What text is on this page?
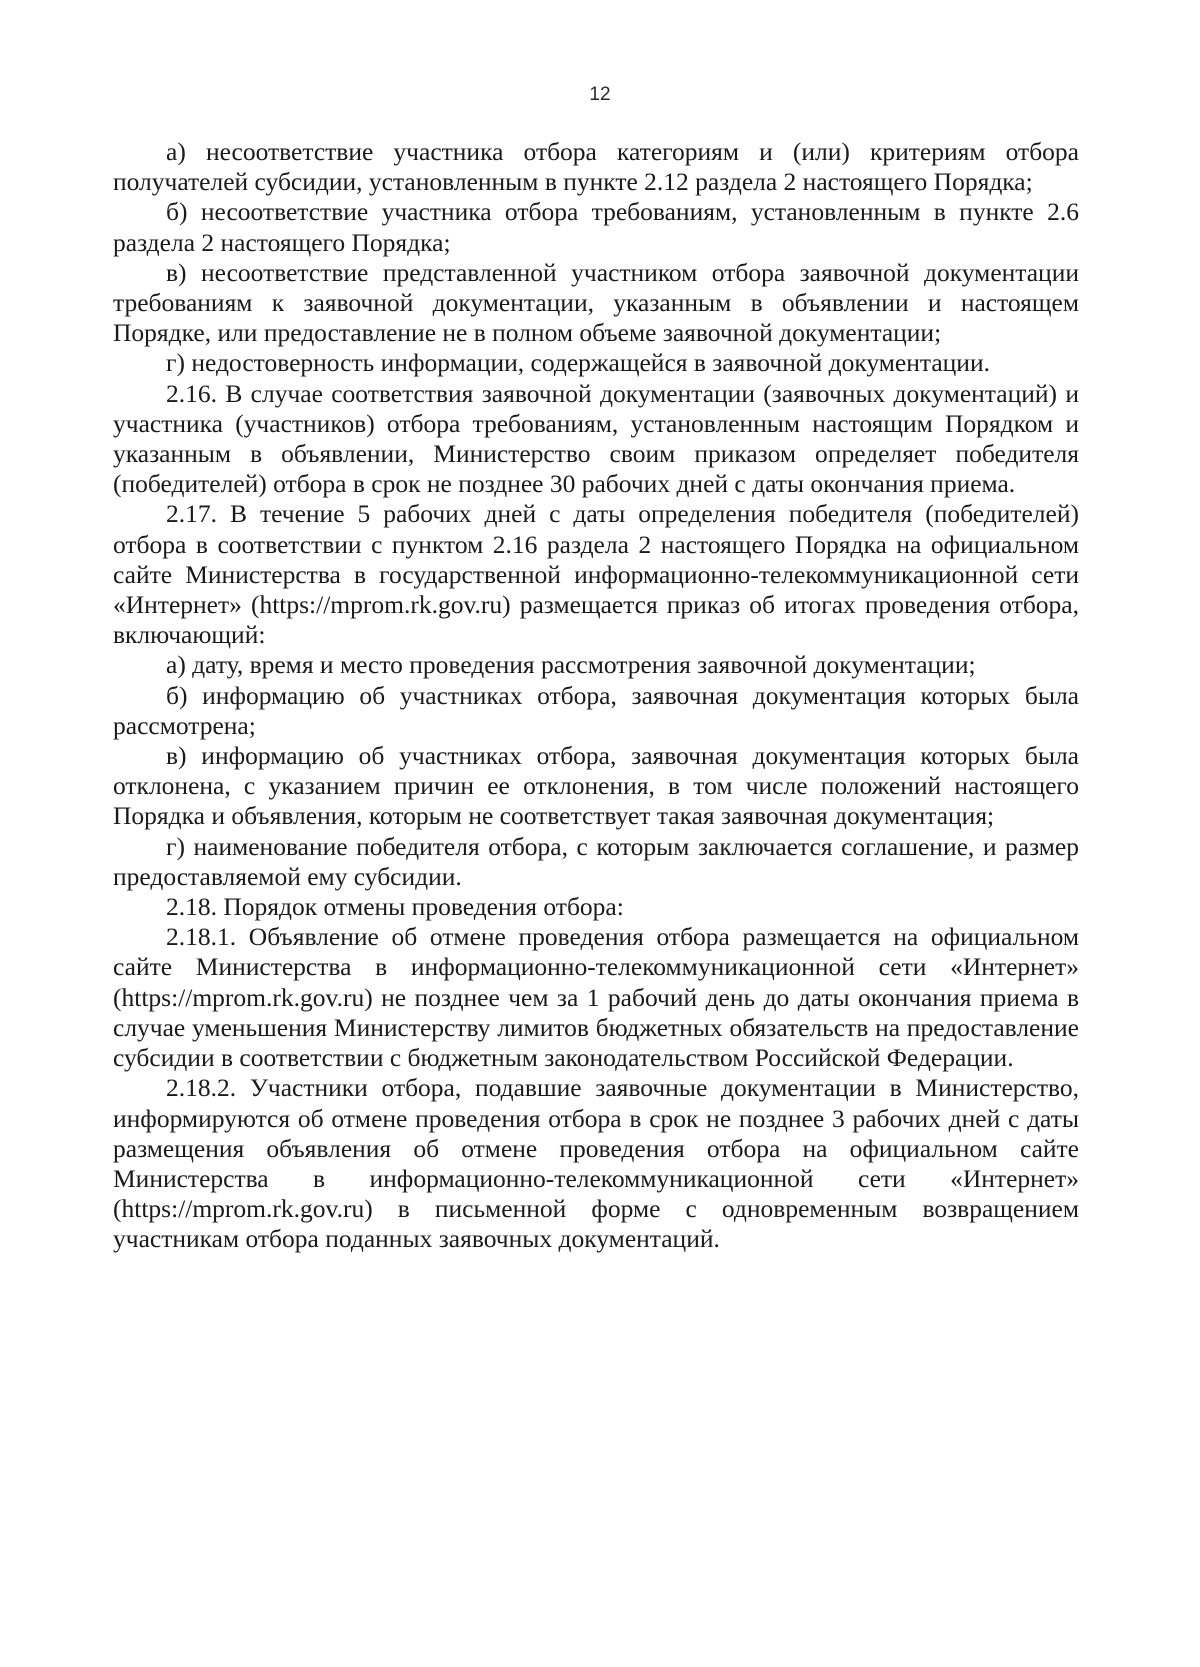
12

а) несоответствие участника отбора категориям и (или) критериям отбора получателей субсидии, установленным в пункте 2.12 раздела 2 настоящего Порядка;

б) несоответствие участника отбора требованиям, установленным в пункте 2.6 раздела 2 настоящего Порядка;

в) несоответствие представленной участником отбора заявочной документации требованиям к заявочной документации, указанным в объявлении и настоящем Порядке, или предоставление не в полном объеме заявочной документации;

г) недостоверность информации, содержащейся в заявочной документации.

2.16. В случае соответствия заявочной документации (заявочных документаций) и участника (участников) отбора требованиям, установленным настоящим Порядком и указанным в объявлении, Министерство своим приказом определяет победителя (победителей) отбора в срок не позднее 30 рабочих дней с даты окончания приема.

2.17. В течение 5 рабочих дней с даты определения победителя (победителей) отбора в соответствии с пунктом 2.16 раздела 2 настоящего Порядка на официальном сайте Министерства в государственной информационно-телекоммуникационной сети «Интернет» (https://mprom.rk.gov.ru) размещается приказ об итогах проведения отбора, включающий:

а) дату, время и место проведения рассмотрения заявочной документации;

б) информацию об участниках отбора, заявочная документация которых была рассмотрена;

в) информацию об участниках отбора, заявочная документация которых была отклонена, с указанием причин ее отклонения, в том числе положений настоящего Порядка и объявления, которым не соответствует такая заявочная документация;

г) наименование победителя отбора, с которым заключается соглашение, и размер предоставляемой ему субсидии.

2.18. Порядок отмены проведения отбора:

2.18.1. Объявление об отмене проведения отбора размещается на официальном сайте Министерства в информационно-телекоммуникационной сети «Интернет» (https://mprom.rk.gov.ru) не позднее чем за 1 рабочий день до даты окончания приема в случае уменьшения Министерству лимитов бюджетных обязательств на предоставление субсидии в соответствии с бюджетным законодательством Российской Федерации.

2.18.2. Участники отбора, подавшие заявочные документации в Министерство, информируются об отмене проведения отбора в срок не позднее 3 рабочих дней с даты размещения объявления об отмене проведения отбора на официальном сайте Министерства в информационно-телекоммуникационной сети «Интернет» (https://mprom.rk.gov.ru) в письменной форме с одновременным возвращением участникам отбора поданных заявочных документаций.
